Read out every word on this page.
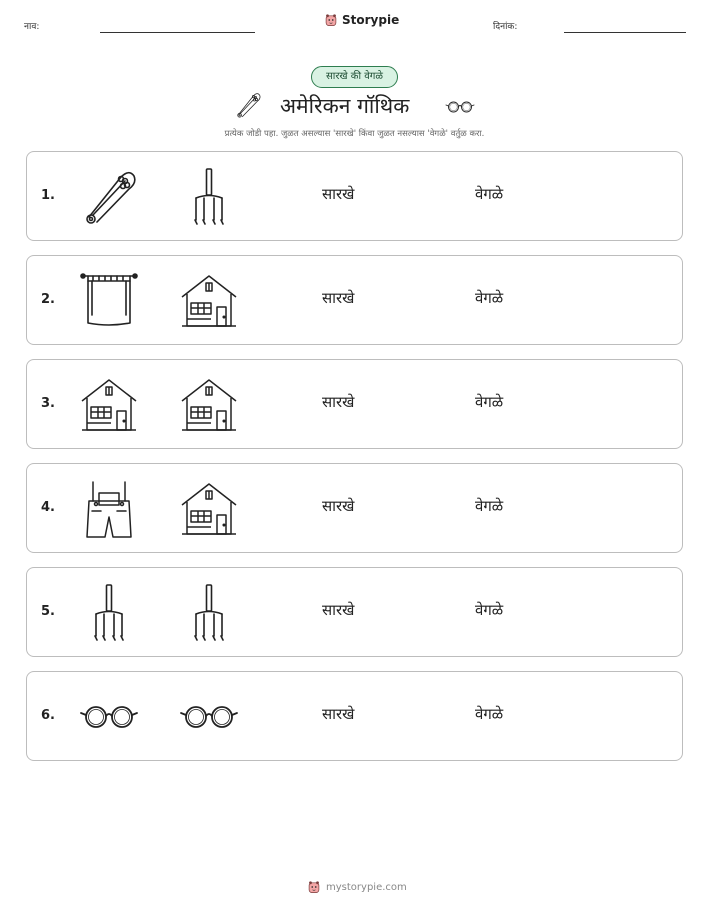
नाव:	Storypie	दिनांक:
सारखे की वेगळे
अमेरिकन गॉथिक
प्रत्येक जोडी पहा. जुळत असल्यास 'सारखे' किंवा जुळत नसल्यास 'वेगळे' वर्तुळ करा.
1.	सारखे	वेगळे
2.	सारखे	वेगळे
3.	सारखे	वेगळे
4.	सारखे	वेगळे
5.	सारखे	वेगळे
6.	सारखे	वेगळे
mystorypie.com
